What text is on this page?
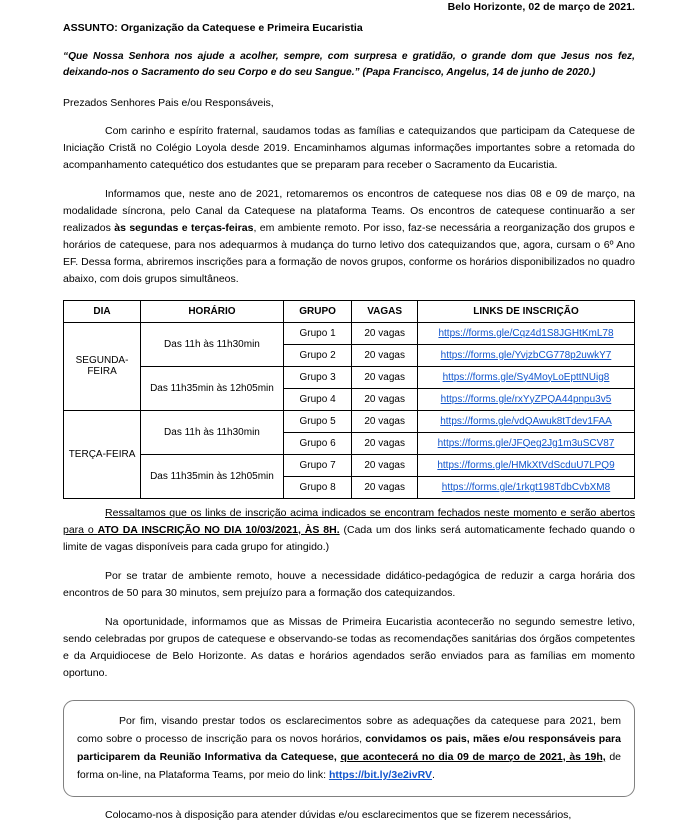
Belo Horizonte, 02 de março de 2021.
ASSUNTO: Organização da Catequese e Primeira Eucaristia
“Que Nossa Senhora nos ajude a acolher, sempre, com surpresa e gratidão, o grande dom que Jesus nos fez, deixando-nos o Sacramento do seu Corpo e do seu Sangue.” (Papa Francisco, Angelus, 14 de junho de 2020.)
Prezados Senhores Pais e/ou Responsáveis,

Com carinho e espírito fraternal, saudamos todas as famílias e catequizandos que participam da Catequese de Iniciação Cristã no Colégio Loyola desde 2019. Encaminhamos algumas informações importantes sobre a retomada do acompanhamento catequético dos estudantes que se preparam para receber o Sacramento da Eucaristia.

Informamos que, neste ano de 2021, retomaremos os encontros de catequese nos dias 08 e 09 de março, na modalidade síncrona, pelo Canal da Catequese na plataforma Teams. Os encontros de catequese continuarão a ser realizados às segundas e terças-feiras, em ambiente remoto. Por isso, faz-se necessária a reorganização dos grupos e horários de catequese, para nos adequarmos à mudança do turno letivo dos catequizandos que, agora, cursam o 6º Ano EF. Dessa forma, abriremos inscrições para a formação de novos grupos, conforme os horários disponibilizados no quadro abaixo, com dois grupos simultâneos.

DIA	HORÁRIO	GRUPO	VAGAS	LINKS DE INSCRIÇÃO
SEGUNDA-FEIRA	Das 11h às 11h30min	Grupo 1	20 vagas	https://forms.gle/Cqz4d1S8JGHtKmL78
		Grupo 2	20 vagas	https://forms.gle/YvjzbCG778p2uwkY7
	Das 11h35min às 12h05min	Grupo 3	20 vagas	https://forms.gle/Sy4MoyLoEpttNUig8
		Grupo 4	20 vagas	https://forms.gle/rxYyZPQA44pnpu3v5
TERÇA-FEIRA	Das 11h às 11h30min	Grupo 5	20 vagas	https://forms.gle/vdQAwuk8tTdev1FAA
		Grupo 6	20 vagas	https://forms.gle/JFQeg2Jg1m3uSCV87
	Das 11h35min às 12h05min	Grupo 7	20 vagas	https://forms.gle/HMkXtVdScduU7LPQ9
		Grupo 8	20 vagas	https://forms.gle/1rkgt198TdbCvbXM8

Ressaltamos que os links de inscrição acima indicados se encontram fechados neste momento e serão abertos para o ATO DA INSCRIÇÃO NO DIA 10/03/2021, ÀS 8H. (Cada um dos links será automaticamente fechado quando o limite de vagas disponíveis para cada grupo for atingido.)

Por se tratar de ambiente remoto, houve a necessidade didático-pedagógica de reduzir a carga horária dos encontros de 50 para 30 minutos, sem prejuízo para a formação dos catequizandos.

Na oportunidade, informamos que as Missas de Primeira Eucaristia acontecerão no segundo semestre letivo, sendo celebradas por grupos de catequese e observando-se todas as recomendações sanitárias dos órgãos competentes e da Arquidiocese de Belo Horizonte. As datas e horários agendados serão enviados para as famílias em momento oportuno.

Por fim, visando prestar todos os esclarecimentos sobre as adequações da catequese para 2021, bem como sobre o processo de inscrição para os novos horários, convidamos os pais, mães e/ou responsáveis para participarem da Reunião Informativa da Catequese, que acontecerá no dia 09 de março de 2021, às 19h, de forma on-line, na Plataforma Teams, por meio do link: https://bit.ly/3e2ivRV.

Colocamo-nos à disposição para atender dúvidas e/ou esclarecimentos que se fizerem necessários,
